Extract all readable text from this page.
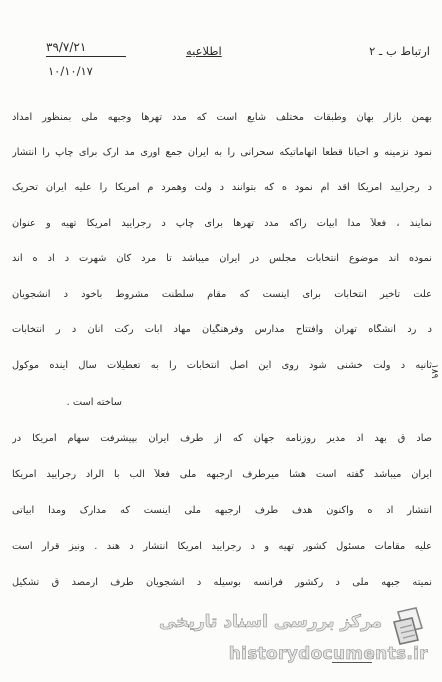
ارتباط ب ـ ۲
اطلاعیه
۳۹/۷/۲۱
۱۰/۱۰/۱۷
بهمن بازار بهان وطبقات مختلف شایع است که مدد تهرها وجبهه ملی بمنظور امداد
نمود نزمینه و احیاناً قطعاً اتهاماتیکه سحرانی را به ایران جمع آوری مد ارک برای چاپ را انتشار
د رجرایید آمریکا اقد ام نمود ه که بتوانند د ولت وهمرد م آمریکا را علیه ایران تحریک
نمایند ، فعلاً مدا ابیات راکه مدد تهرها برای چاپ د رجرایید آمریکا تهیه و عنوان
نموده اند موضوع انتخابات مجلس در ایران میباشد تا مرد کان شهرت د اد ه اند
علت تأخیر انتخابات برای اینست که مقام سلطنت مشروط باخود د انشجویان
د رد انشگاه تهران وافتتاح مدارس وفرهنگیان مهاد ابات رکت آنان د ر انتخابات
ثانیه د ولت خشنی شود روی این اصل انتخابات را به تعطیلات سال آینده موکول
ساخته است .
صاد ق بهد اد مدیر روزنامه جهان که از طرف ایران بپیشرفت سهام آمریکا در
ایران میباشد گفته است هشا میرطرف ارجبهه ملی فعلاً الب با الراد رجرایید آمریکا
انتشار اد ه واکنون هدف طرف ارجبهه ملی اینست که مدارک ومدا ابیاتی
علیه مقامات مسئول کشور تهیه و د رجرایید آمریکا انتشار د هند . ونیز قرار است
نمیته جبهه ملی د رکشور فرانسه بوسیله د انشجویان طرف ارمصد ق تشکیل
۱۸۹
مرکز بررسی اسناد تاریخی
historydocuments.ir
